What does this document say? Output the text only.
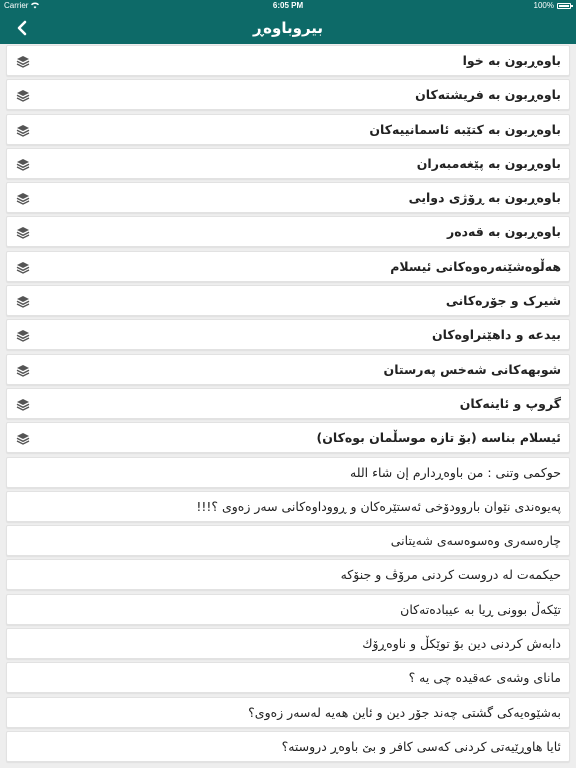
Carrier	6:05 PM	100%
بیروباوەڕ
باوەڕبون بە خوا
باوەڕبون بە فریشتەکان
باوەڕبون بە کتێبە ئاسمانییەکان
باوەڕبون بە پێغەمبەران
باوەڕبون بە ڕۆژی دوایی
باوەڕبون بە قەدەر
هەڵوەشێنەرەوەکانی ئیسلام
شیرک و جۆرەکانی
بیدعە و داهێنراوەکان
شوبهەکانی شەخس پەرستان
گروپ و ئاینەکان
ئیسلام بناسە (بۆ تازە موسڵمان بوەکان)
حوکمی وتنی : من باوەڕدارم إن شاء الله
پەیوەندی نێوان باروودۆخی ئەستێرەکان و ڕووداوەکانی سەر زەوی ؟!!!
چارەسەری وەسوەسەی شەیتانی
حیکمەت لە دروست کردنی مرۆڤ و جنۆکە
تێکەڵ بوونی ڕیا بە عیبادەتەکان
دابەش کردنی دین بۆ توێکڵ و ناوەڕۆك
مانای وشەی عەقیدە چی یە ؟
بەشێوەیەکی گشتی چەند جۆر دین و ئاین هەیە لەسەر زەوی؟
ئایا هاوڕێیەتی کردنی کەسی کافر و بێ باوەڕ دروستە؟
